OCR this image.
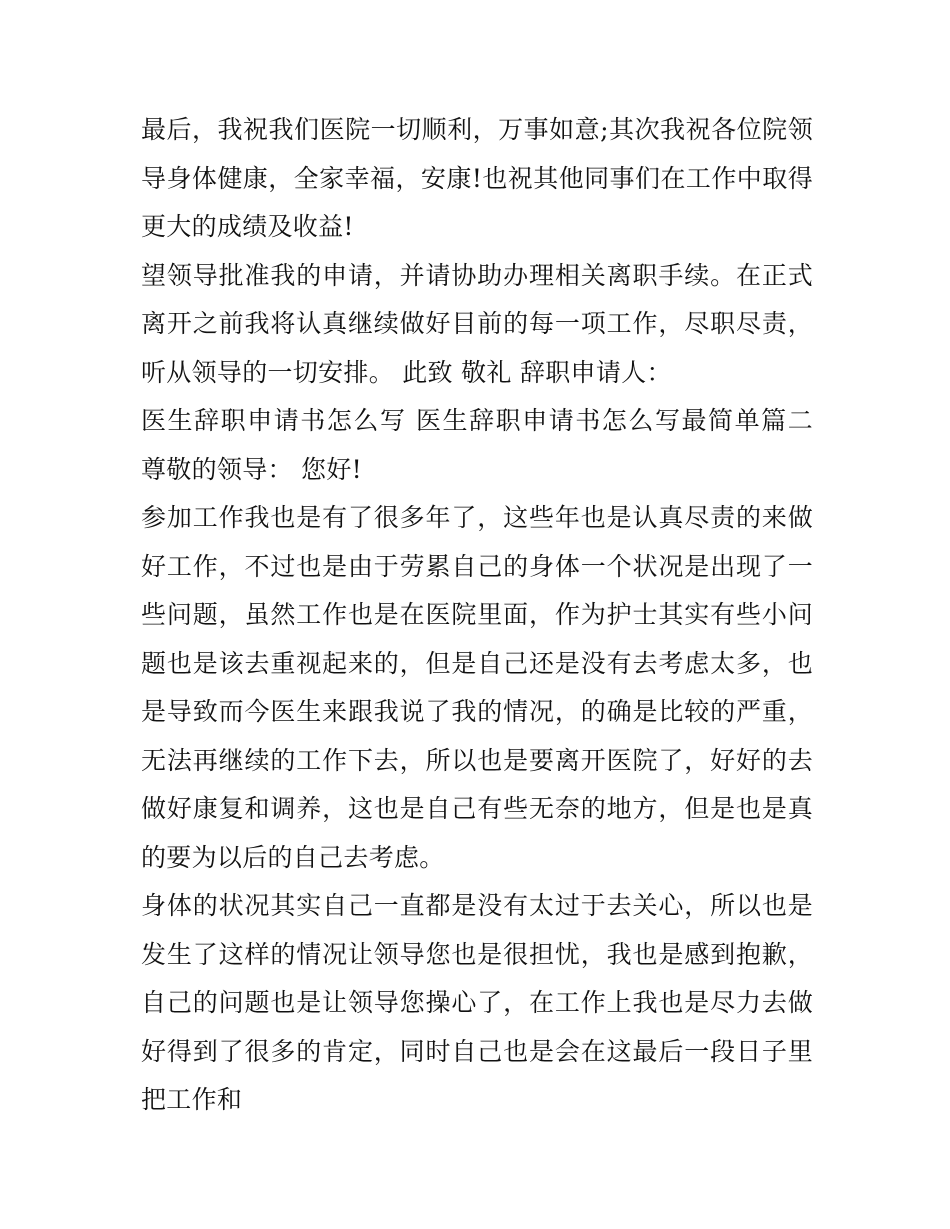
最后，我祝我们医院一切顺利，万事如意;其次我祝各位院领导身体健康，全家幸福，安康!也祝其他同事们在工作中取得更大的成绩及收益!

望领导批准我的申请，并请协助办理相关离职手续。在正式离开之前我将认真继续做好目前的每一项工作，尽职尽责，听从领导的一切安排。 此致 敬礼 辞职申请人：

医生辞职申请书怎么写 医生辞职申请书怎么写最简单篇二 尊敬的领导： 您好!

参加工作我也是有了很多年了，这些年也是认真尽责的来做好工作，不过也是由于劳累自己的身体一个状况是出现了一些问题，虽然工作也是在医院里面，作为护士其实有些小问题也是该去重视起来的，但是自己还是没有去考虑太多，也是导致而今医生来跟我说了我的情况，的确是比较的严重，无法再继续的工作下去，所以也是要离开医院了，好好的去做好康复和调养，这也是自己有些无奈的地方，但是也是真的要为以后的自己去考虑。

身体的状况其实自己一直都是没有太过于去关心，所以也是发生了这样的情况让领导您也是很担忧，我也是感到抱歉，自己的问题也是让领导您操心了，在工作上我也是尽力去做好得到了很多的肯定，同时自己也是会在这最后一段日子里把工作和
